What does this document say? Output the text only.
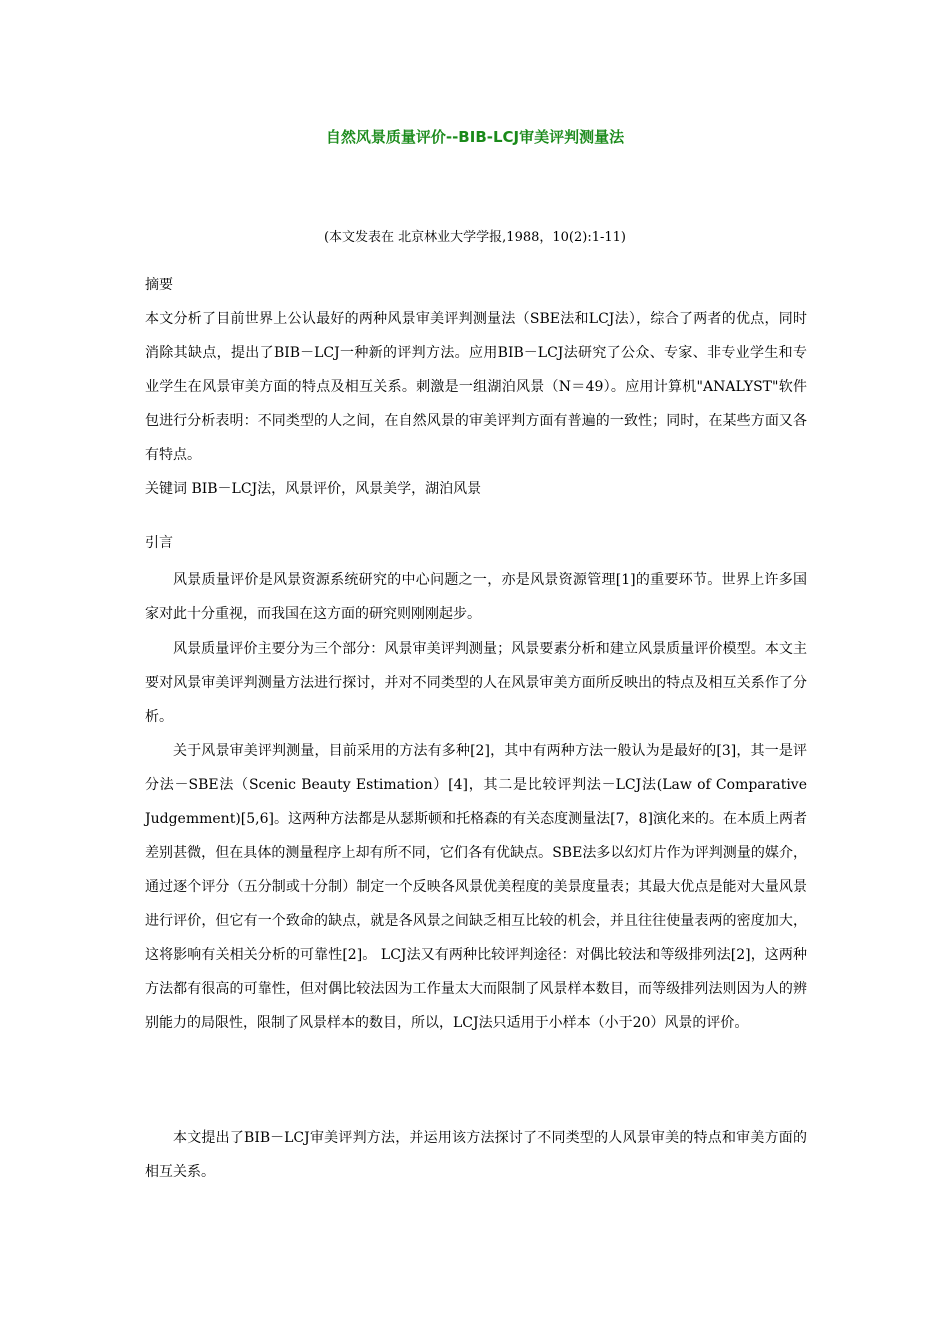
自然风景质量评价--BIB-LCJ审美评判测量法

(本文发表在 北京林业大学学报,1988，10(2):1-11)

摘要

本文分析了目前世界上公认最好的两种风景审美评判测量法（SBE法和LCJ法），综合了两者的优点，同时消除其缺点，提出了BIB－LCJ一种新的评判方法。应用BIB－LCJ法研究了公众、专家、非专业学生和专业学生在风景审美方面的特点及相互关系。刺激是一组湖泊风景（N＝49）。应用计算机"ANALYST"软件包进行分析表明：不同类型的人之间，在自然风景的审美评判方面有普遍的一致性；同时，在某些方面又各有特点。

关键词 BIB－LCJ法，风景评价，风景美学，湖泊风景

引言

风景质量评价是风景资源系统研究的中心问题之一，亦是风景资源管理[1]的重要环节。世界上许多国家对此十分重视，而我国在这方面的研究则刚刚起步。

风景质量评价主要分为三个部分：风景审美评判测量；风景要素分析和建立风景质量评价模型。本文主要对风景审美评判测量方法进行探讨，并对不同类型的人在风景审美方面所反映出的特点及相互关系作了分析。

关于风景审美评判测量，目前采用的方法有多种[2]，其中有两种方法一般认为是最好的[3]，其一是评分法－SBE法（Scenic Beauty Estimation）[4]，其二是比较评判法－LCJ法(Law of Comparative Judgemment)[5,6]。这两种方法都是从瑟斯顿和托格森的有关态度测量法[7，8]演化来的。在本质上两者差别甚微，但在具体的测量程序上却有所不同，它们各有优缺点。SBE法多以幻灯片作为评判测量的媒介，通过逐个评分（五分制或十分制）制定一个反映各风景优美程度的美景度量表；其最大优点是能对大量风景进行评价，但它有一个致命的缺点，就是各风景之间缺乏相互比较的机会，并且往往使量表两的密度加大，这将影响有关相关分析的可靠性[2]。 LCJ法又有两种比较评判途径：对偶比较法和等级排列法[2]，这两种方法都有很高的可靠性，但对偶比较法因为工作量太大而限制了风景样本数目，而等级排列法则因为人的辨别能力的局限性，限制了风景样本的数目，所以，LCJ法只适用于小样本（小于20）风景的评价。

本文提出了BIB－LCJ审美评判方法，并运用该方法探讨了不同类型的人风景审美的特点和审美方面的相互关系。
